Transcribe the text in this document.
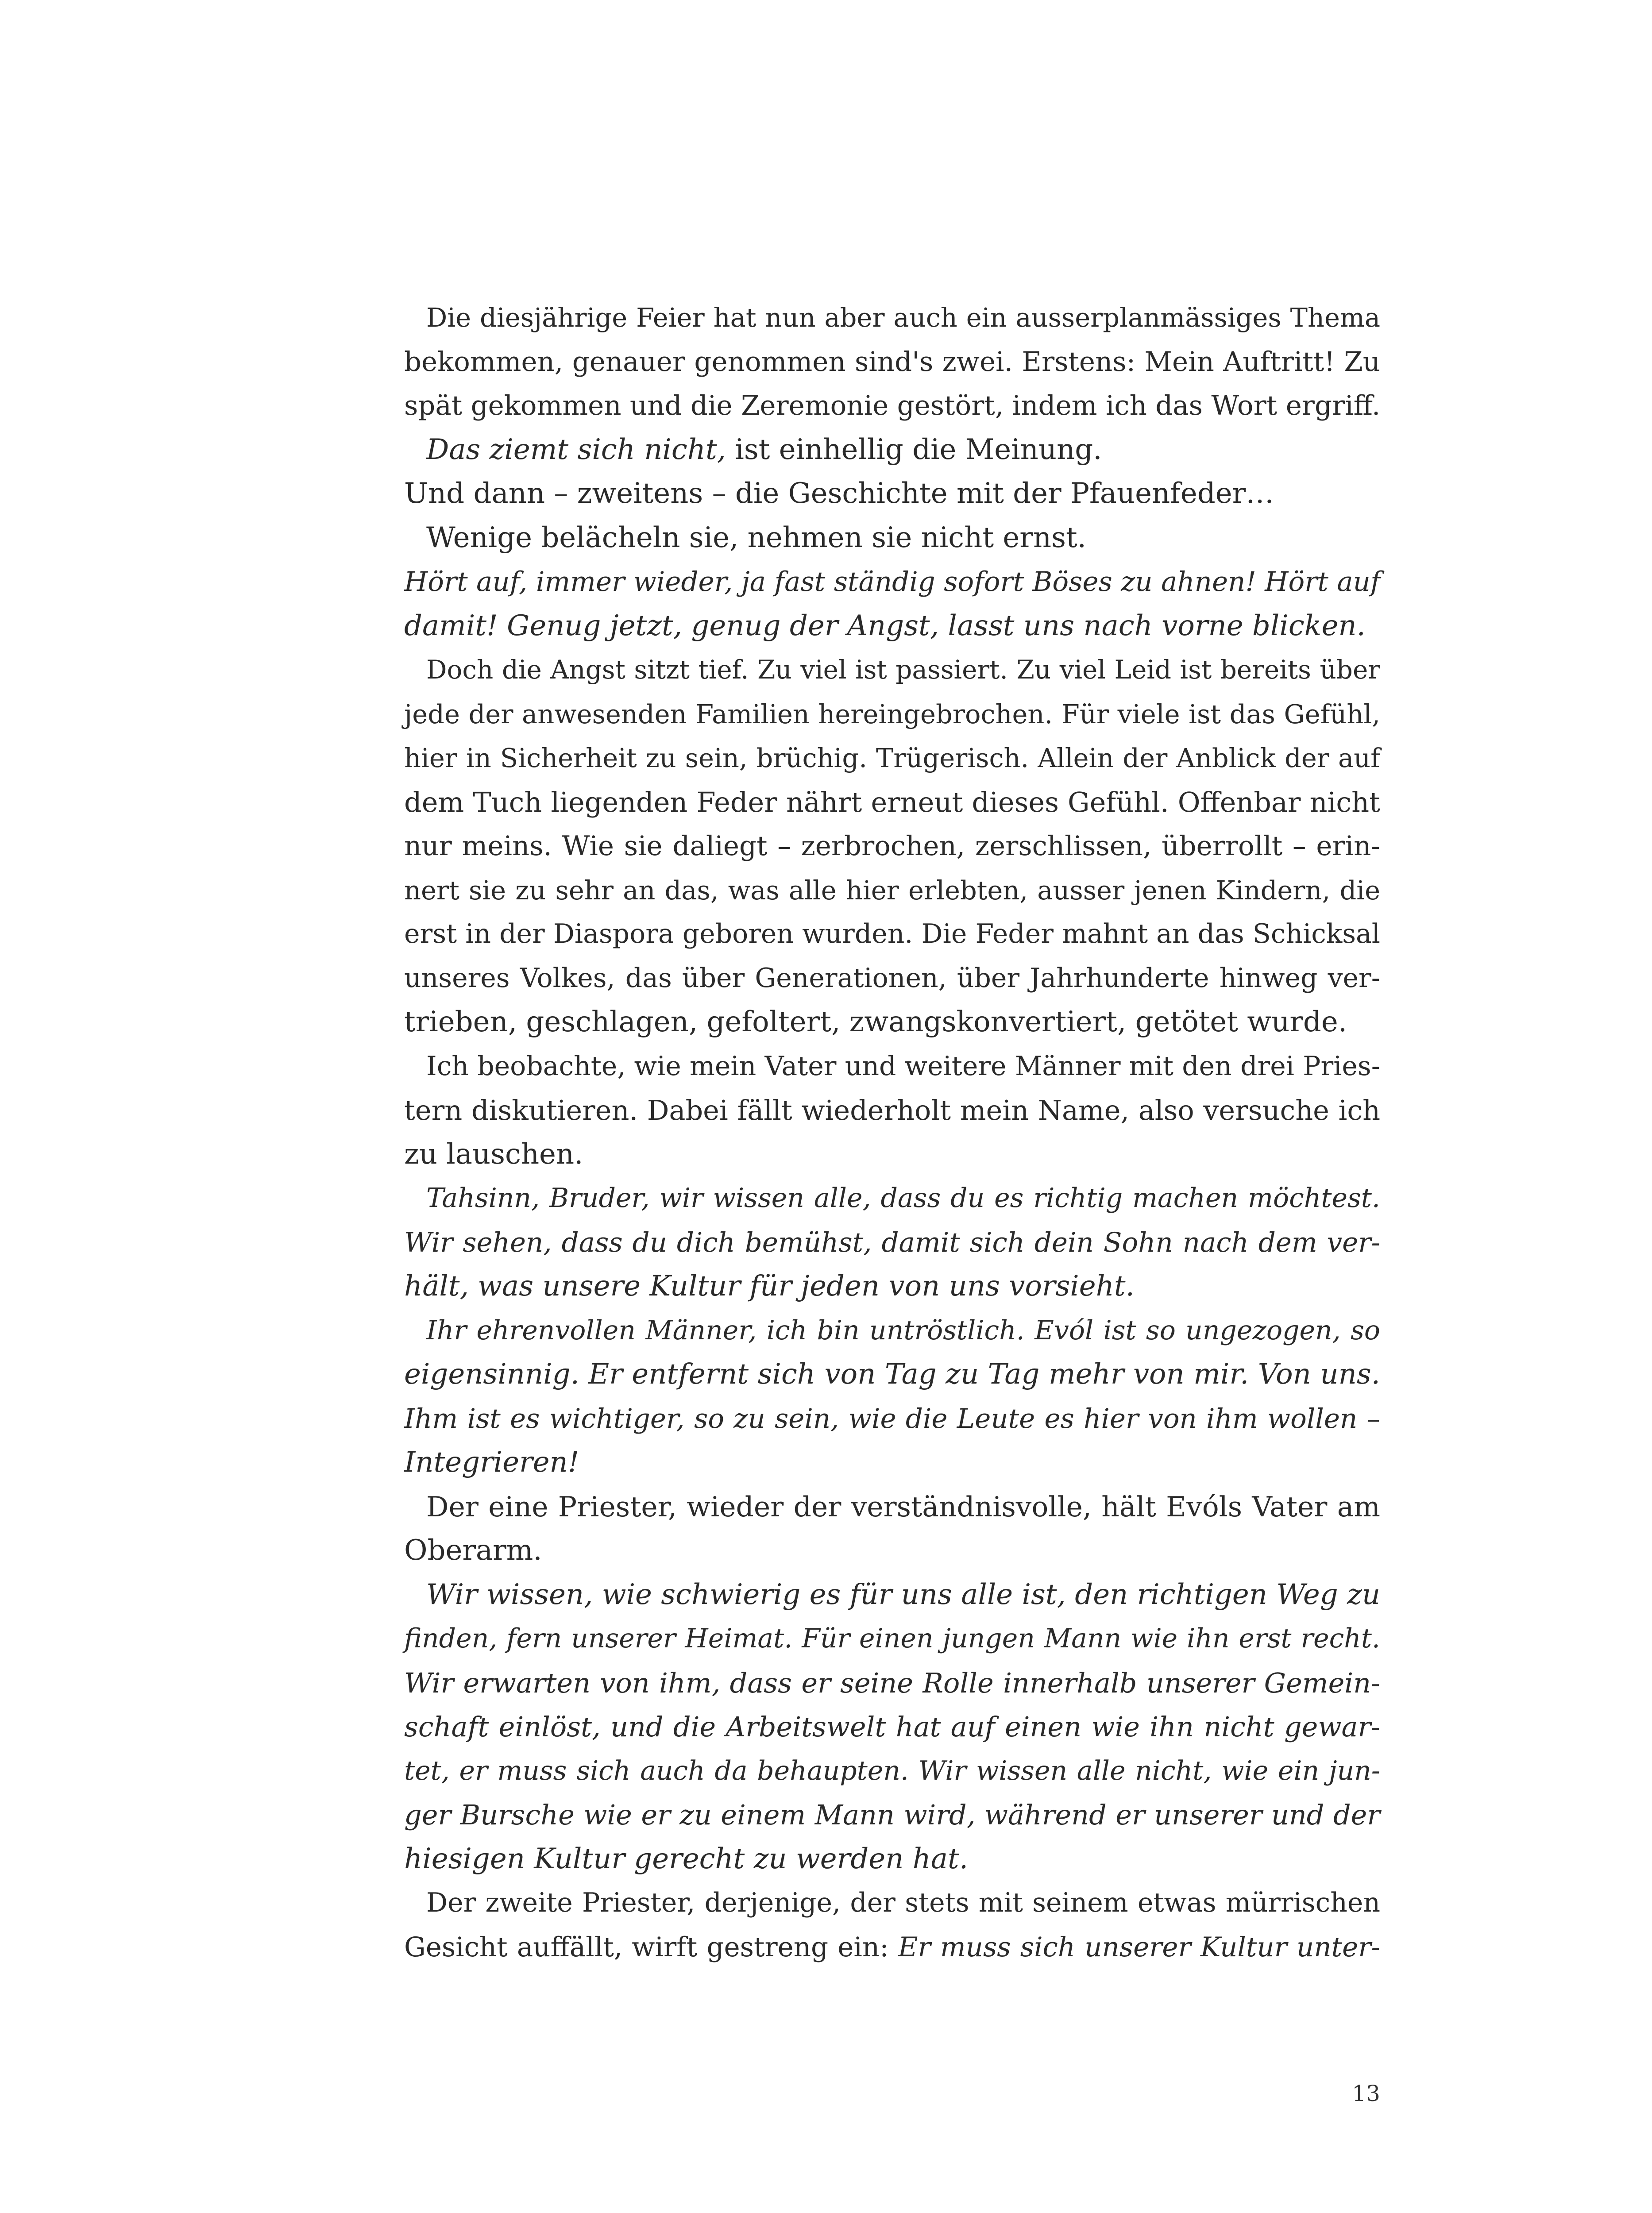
Die diesjährige Feier hat nun aber auch ein ausserplanmässiges Thema
bekommen, genauer genommen sind's zwei. Erstens: Mein Auftritt! Zu
spät gekommen und die Zeremonie gestört, indem ich das Wort ergriff.
Das ziemt sich nicht, ist einhellig die Meinung.
Und dann – zweitens – die Geschichte mit der Pfauenfeder…
Wenige belächeln sie, nehmen sie nicht ernst.
Hört auf, immer wieder, ja fast ständig sofort Böses zu ahnen! Hört auf
damit! Genug jetzt, genug der Angst, lasst uns nach vorne blicken.
Doch die Angst sitzt tief. Zu viel ist passiert. Zu viel Leid ist bereits über
jede der anwesenden Familien hereingebrochen. Für viele ist das Gefühl,
hier in Sicherheit zu sein, brüchig. Trügerisch. Allein der Anblick der auf
dem Tuch liegenden Feder nährt erneut dieses Gefühl. Offenbar nicht
nur meins. Wie sie daliegt – zerbrochen, zerschlissen, überrollt – erin-
nert sie zu sehr an das, was alle hier erlebten, ausser jenen Kindern, die
erst in der Diaspora geboren wurden. Die Feder mahnt an das Schicksal
unseres Volkes, das über Generationen, über Jahrhunderte hinweg ver-
trieben, geschlagen, gefoltert, zwangskonvertiert, getötet wurde.
Ich beobachte, wie mein Vater und weitere Männer mit den drei Pries-
tern diskutieren. Dabei fällt wiederholt mein Name, also versuche ich
zu lauschen.
Tahsinn, Bruder, wir wissen alle, dass du es richtig machen möchtest.
Wir sehen, dass du dich bemühst, damit sich dein Sohn nach dem ver-
hält, was unsere Kultur für jeden von uns vorsieht.
Ihr ehrenvollen Männer, ich bin untröstlich. Evól ist so ungezogen, so
eigensinnig. Er entfernt sich von Tag zu Tag mehr von mir. Von uns.
Ihm ist es wichtiger, so zu sein, wie die Leute es hier von ihm wollen –
Integrieren!
Der eine Priester, wieder der verständnisvolle, hält Evóls Vater am
Oberarm.
Wir wissen, wie schwierig es für uns alle ist, den richtigen Weg zu
finden, fern unserer Heimat. Für einen jungen Mann wie ihn erst recht.
Wir erwarten von ihm, dass er seine Rolle innerhalb unserer Gemein-
schaft einlöst, und die Arbeitswelt hat auf einen wie ihn nicht gewar-
tet, er muss sich auch da behaupten. Wir wissen alle nicht, wie ein jun-
ger Bursche wie er zu einem Mann wird, während er unserer und der
hiesigen Kultur gerecht zu werden hat.
Der zweite Priester, derjenige, der stets mit seinem etwas mürrischen
Gesicht auffällt, wirft gestreng ein: Er muss sich unserer Kultur unter-
13
